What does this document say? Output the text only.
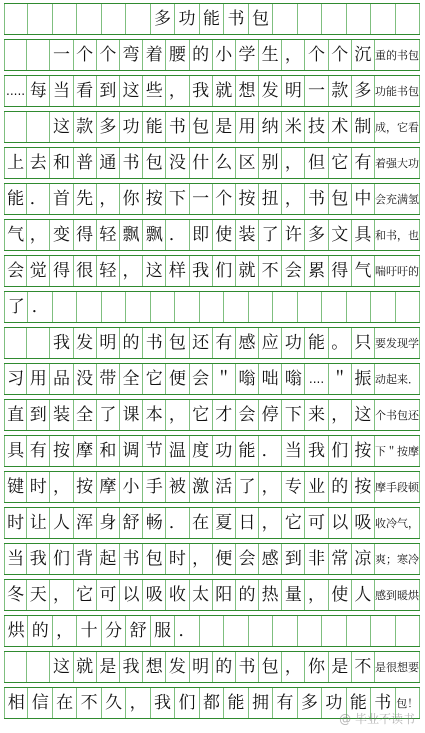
多 功 能 书 包
一 个 个 弯 着 腰 的 小 学 生 ， 个 个 沉 重的书包
..... 每 当 看 到 这 些 ， 我 就 想 发 明 一 款 多 功能书包
这 款 多 功 能 书 包 是 用 纳 米 技 术 制 成，它看
上 去 和 普 通 书 包 没 什 么 区 别 ， 但 它 有 着强大功
能 ． 首 先 ， 你 按 下 一 个 按 扭 ， 书 包 中 会充满氢
气 ， 变 得 轻 飘 飘 ． 即 使 装 了 许 多 文 具 和书，也
会 觉 得 很 轻 ， 这 样 我 们 就 不 会 累 得 气 喘吁吁的
了 ．
我 发 明 的 书 包 还 有 感 应 功 能 。 只 要发现学
习 用 品 没 带 全 它 便 会 ＂ 嗡 咄 嗡 .... ＂ 振 动起来．
直 到 装 全 了 课 本 ， 它 才 会 停 下 来 ， 这 个书包还
具 有 按 摩 和 调 节 温 度 功 能 ． 当 我 们 按 下＂按摩
键 时 ， 按 摩 小 手 被 激 活 了 ， 专 业 的 按 摩手段顿
时 让 人 浑 身 舒 畅 ． 在 夏 日 ， 它 可 以 吸 收冷气，
当 我 们 背 起 书 包 时 ， 便 会 感 到 非 常 凉 爽；寒冷
冬 天 ， 它 可 以 吸 收 太 阳 的 热 量 ， 使 人 感到暖烘
烘 的 ， 十 分 舒 服 ．
这 就 是 我 想 发 明 的 书 包 ， 你 是 不 是很想要
相 信 在 不 久 ， 我 们 都 能 拥 有 多 功 能 书 包！
@ 毕业不读书
